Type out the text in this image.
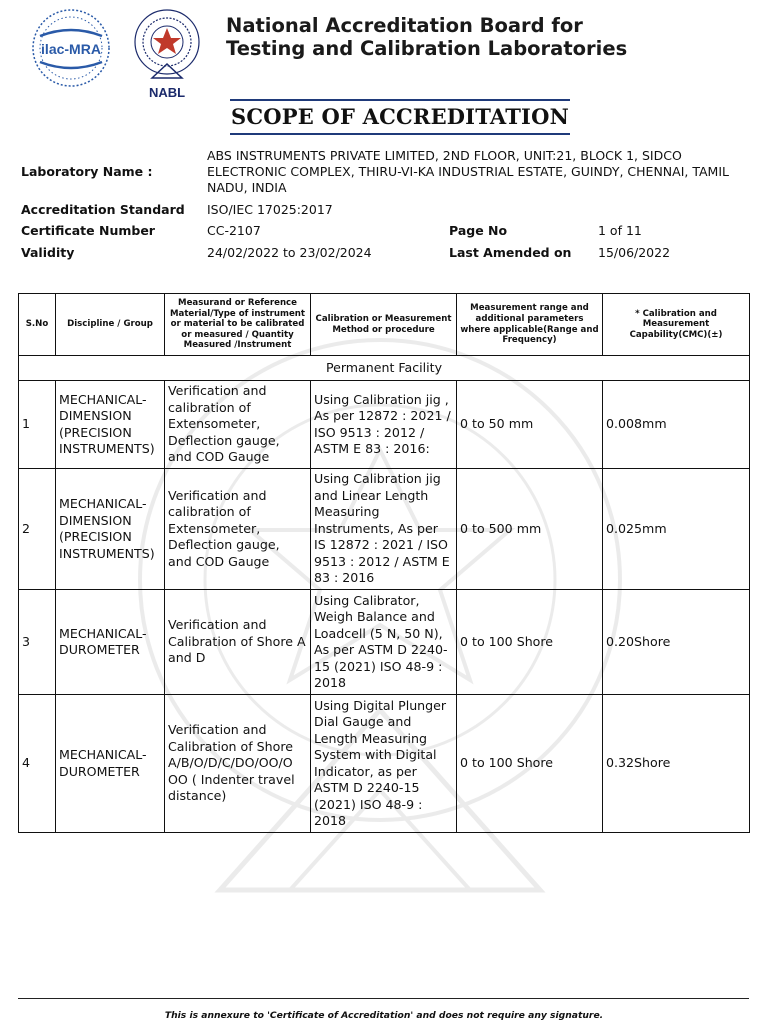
ilac-MRA
NABL
National Accreditation Board for
Testing and Calibration Laboratories
SCOPE OF ACCREDITATION
Laboratory Name :
ABS INSTRUMENTS PRIVATE LIMITED, 2ND FLOOR, UNIT:21, BLOCK 1, SIDCO
ELECTRONIC COMPLEX, THIRU-VI-KA INDUSTRIAL ESTATE, GUINDY, CHENNAI, TAMIL
NADU, INDIA
Accreditation Standard ISO/IEC 17025:2017
Certificate Number	CC-2107	Page No	1 of 11
Validity	24/02/2022 to 23/02/2024	Last Amended on 15/06/2022
S.No	Discipline / Group	Measurand or Reference Material/Type of instrument or material to be calibrated or measured / Quantity Measured /Instrument	Calibration or Measurement Method or procedure	Measurement range and additional parameters where applicable(Range and Frequency)	* Calibration and Measurement Capability(CMC)(±)
Permanent Facility					
1	MECHANICAL- DIMENSION (PRECISION INSTRUMENTS)	Verification and calibration of Extensometer, Deflection gauge, and COD Gauge	Using Calibration jig , As per 12872 : 2021 / ISO 9513 : 2012 / ASTM E 83 : 2016:	0 to 50 mm	0.008mm
2	MECHANICAL- DIMENSION (PRECISION INSTRUMENTS)	Verification and calibration of Extensometer, Deflection gauge, and COD Gauge	Using Calibration jig and Linear Length Measuring Instruments, As per IS 12872 : 2021 / ISO 9513 : 2012 / ASTM E 83 : 2016	0 to 500 mm	0.025mm
3	MECHANICAL- DUROMETER	Verification and Calibration of Shore A and D	Using Calibrator, Weigh Balance and Loadcell (5 N, 50 N), As per ASTM D 2240-15 (2021) ISO 48-9 : 2018	0 to 100 Shore	0.20Shore
4	MECHANICAL- DUROMETER	Verification and Calibration of Shore A/B/O/D/C/DO/OO/O OO ( Indenter travel distance)	Using Digital Plunger Dial Gauge and Length Measuring System with Digital Indicator, as per ASTM D 2240-15 (2021) ISO 48-9 : 2018	0 to 100 Shore	0.32Shore
This is annexure to 'Certificate of Accreditation' and does not require any signature.
